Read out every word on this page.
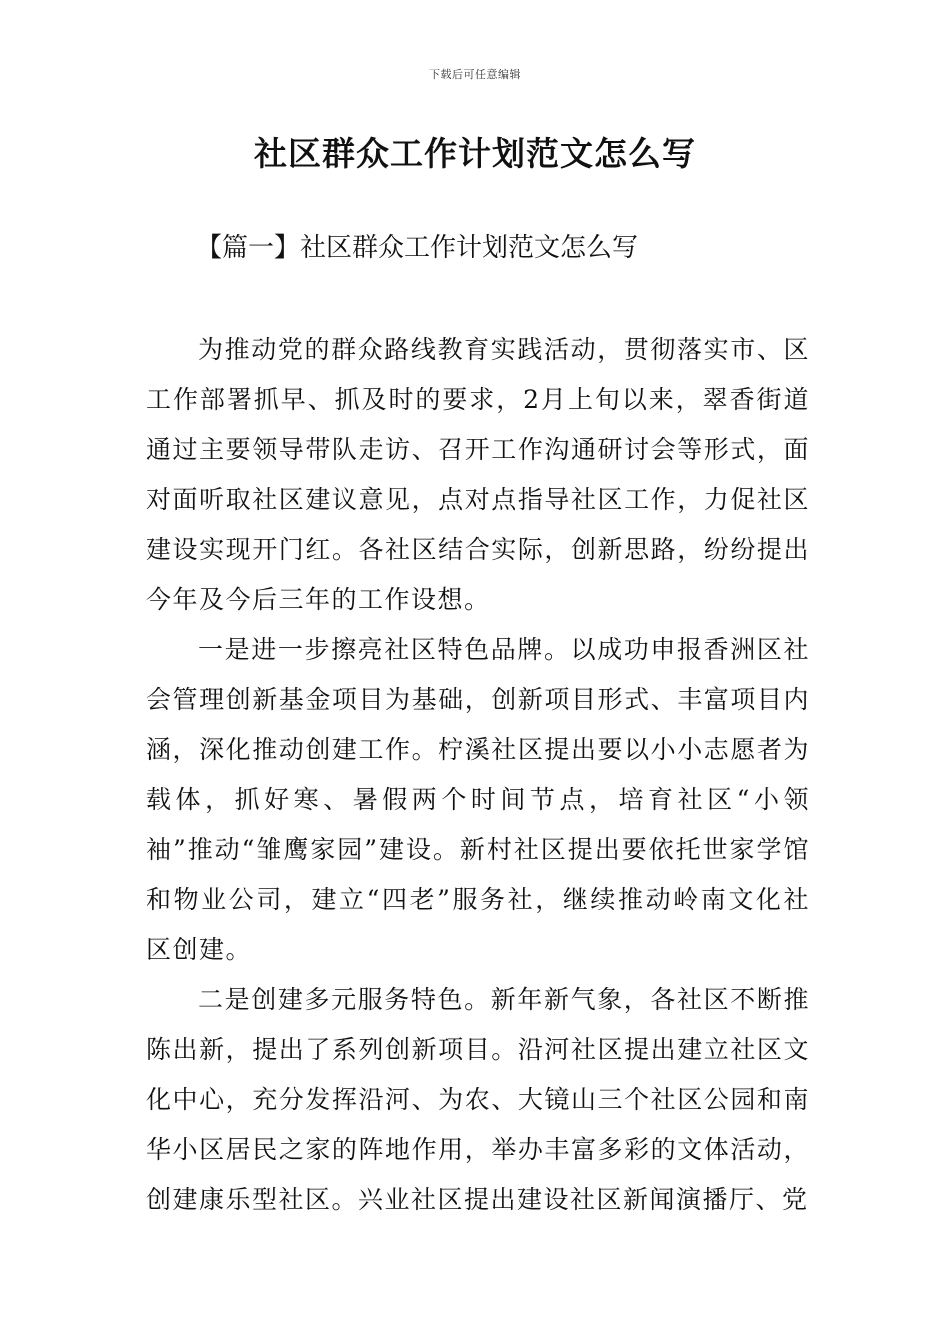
下载后可任意编辑
社区群众工作计划范文怎么写
【篇一】社区群众工作计划范文怎么写

为推动党的群众路线教育实践活动，贯彻落实市、区工作部署抓早、抓及时的要求，2月上旬以来，翠香街道通过主要领导带队走访、召开工作沟通研讨会等形式，面对面听取社区建议意见，点对点指导社区工作，力促社区建设实现开门红。各社区结合实际，创新思路，纷纷提出今年及今后三年的工作设想。

一是进一步擦亮社区特色品牌。以成功申报香洲区社会管理创新基金项目为基础，创新项目形式、丰富项目内涵，深化推动创建工作。柠溪社区提出要以小小志愿者为载体，抓好寒、暑假两个时间节点，培育社区“小领袖”推动“雏鹰家园”建设。新村社区提出要依托世家学馆和物业公司，建立“四老”服务社，继续推动岭南文化社区创建。

二是创建多元服务特色。新年新气象，各社区不断推陈出新，提出了系列创新项目。沿河社区提出建立社区文化中心，充分发挥沿河、为农、大镜山三个社区公园和南华小区居民之家的阵地作用，举办丰富多彩的文体活动，创建康乐型社区。兴业社区提出建设社区新闻演播厅、党
